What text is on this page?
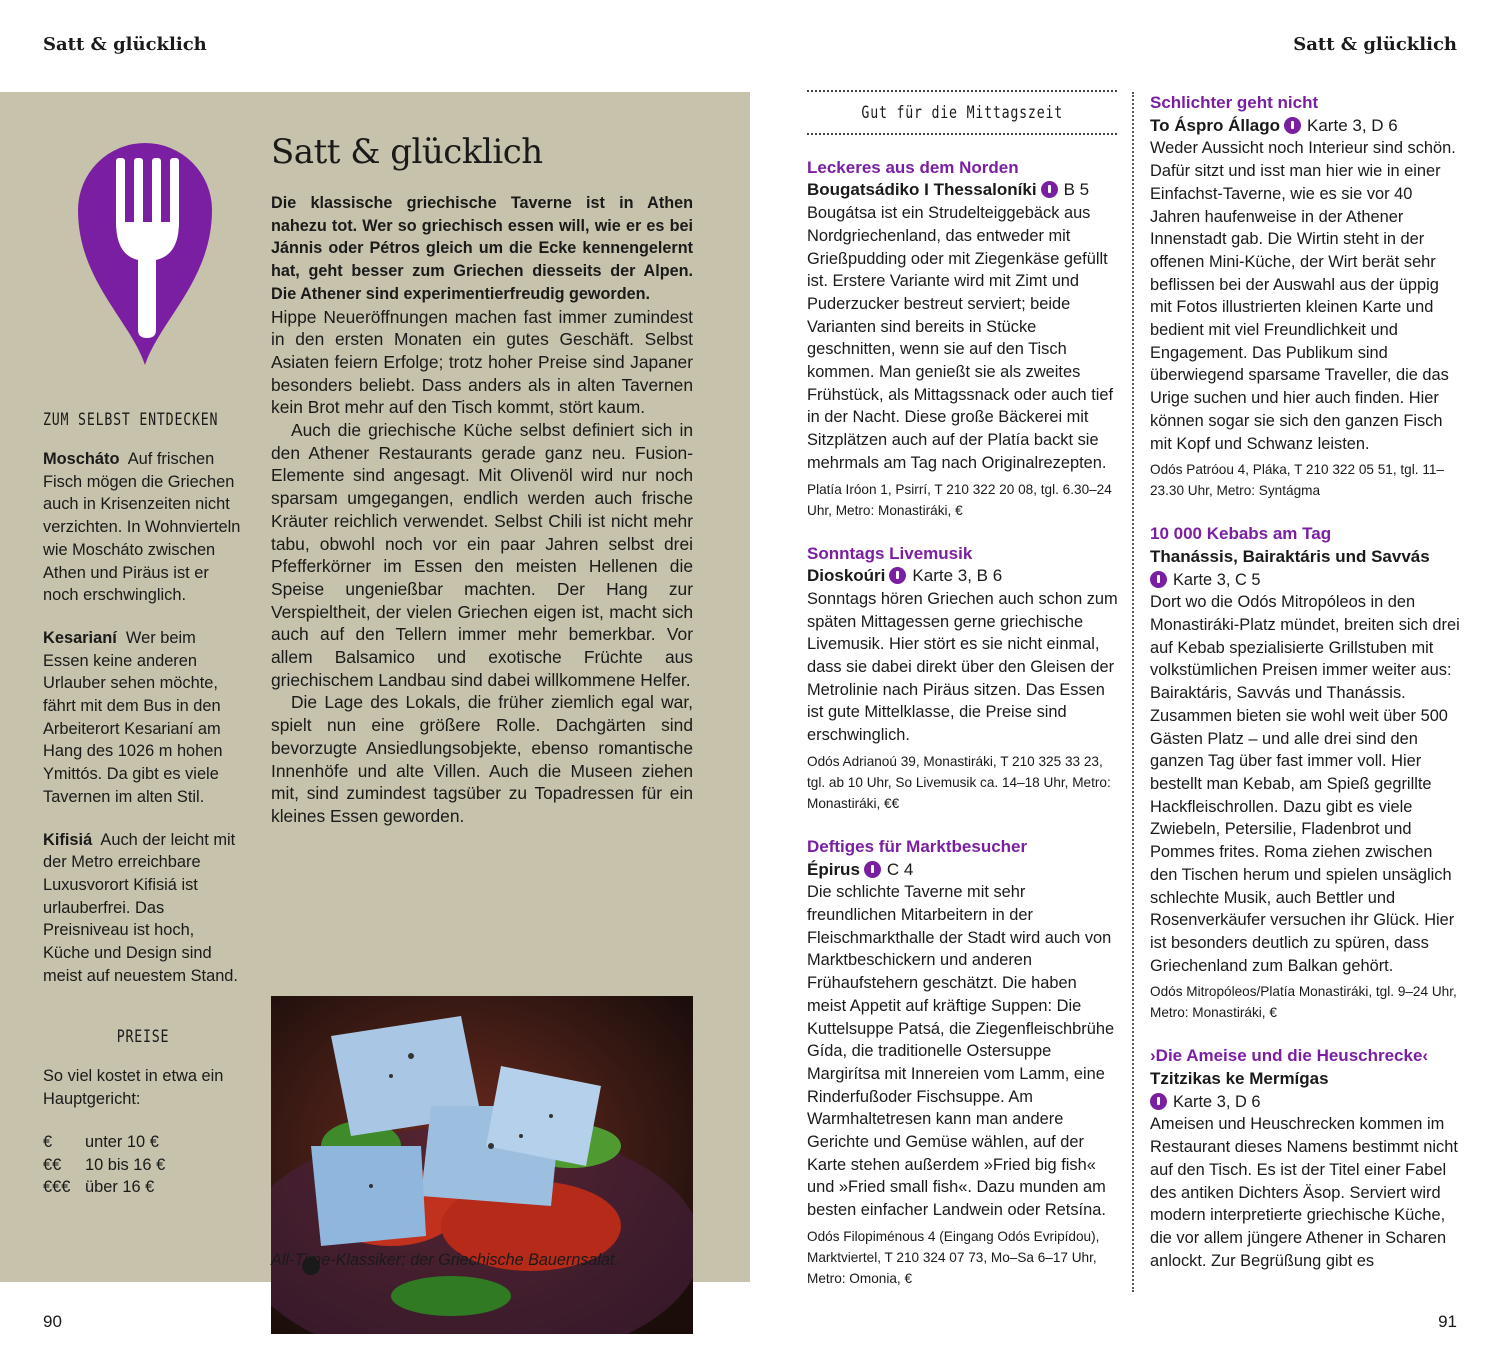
Satt & glücklich	Satt & glücklich
ZUM SELBST ENTDECKEN

Moscháto Auf frischen Fisch mögen die Griechen auch in Krisenzeiten nicht verzichten. In Wohnvierteln wie Moscháto zwischen Athen und Piräus ist er noch erschwinglich.

Kesarianí Wer beim Essen keine anderen Urlauber sehen möchte, fährt mit dem Bus in den Arbeiterort Kesarianí am Hang des 1026 m hohen Ymittós. Da gibt es viele Tavernen im alten Stil.

Kifisiá Auch der leicht mit der Metro erreichbare Luxusvorort Kifisiá ist urlauberfrei. Das Preisniveau ist hoch, Küche und Design sind meist auf neuestem Stand.

PREISE

So viel kostet in etwa ein Hauptgericht:

€	unter 10 €
€€	10 bis 16 €
€€€ über 16 €
Satt & glücklich

Die klassische griechische Taverne ist in Athen nahezu tot. Wer so griechisch essen will, wie er es bei Jánnis oder Pétros gleich um die Ecke kennengelernt hat, geht besser zum Griechen diesseits der Alpen. Die Athener sind experimentierfreudig geworden.

Hippe Neueröffnungen machen fast immer zumindest in den ersten Monaten ein gutes Geschäft. Selbst Asiaten feiern Erfolge; trotz hoher Preise sind Japaner besonders beliebt. Dass anders als in alten Tavernen kein Brot mehr auf den Tisch kommt, stört kaum.

Auch die griechische Küche selbst definiert sich in den Athener Restaurants gerade ganz neu. Fusion-Elemente sind angesagt. Mit Olivenöl wird nur noch sparsam umgegangen, endlich werden auch frische Kräuter reichlich verwendet. Selbst Chili ist nicht mehr tabu, obwohl noch vor ein paar Jahren selbst drei Pfefferkörner im Essen den meisten Hellenen die Speise ungenießbar machten. Der Hang zur Verspieltheit, der vielen Griechen eigen ist, macht sich auch auf den Tellern immer mehr bemerkbar. Vor allem Balsamico und exotische Früchte aus griechischem Landbau sind dabei willkommene Helfer.

Die Lage des Lokals, die früher ziemlich egal war, spielt nun eine größere Rolle. Dachgärten sind bevorzugte Ansiedlungsobjekte, ebenso romantische Innenhöfe und alte Villen. Auch die Museen ziehen mit, sind zumindest tagsüber zu Topadressen für ein kleines Essen geworden.

All-Time-Klassiker: der Griechische Bauernsalat.
90	91
Gut für die Mittagszeit
Leckeres aus dem Norden
Bougatsádiko I Thessaloníki B 5

Bougátsa ist ein Strudelteiggebäck aus Nordgriechenland, das entweder mit Grießpudding oder mit Ziegenkäse gefüllt ist. Erstere Variante wird mit Zimt und Puderzucker bestreut serviert; beide Varianten sind bereits in Stücke geschnitten, wenn sie auf den Tisch kommen. Man genießt sie als zweites Frühstück, als Mittagssnack oder auch tief in der Nacht. Diese große Bäckerei mit Sitzplätzen auch auf der Platía backt sie mehrmals am Tag nach Originalrezepten.

Platía Iróon 1, Psirrí, T 210 322 20 08, tgl. 6.30–24 Uhr, Metro: Monastiráki, €

Sonntags Livemusik
Dioskoúri Karte 3, B 6

Sonntags hören Griechen auch schon zum späten Mittagessen gerne griechische Livemusik. Hier stört es sie nicht einmal, dass sie dabei direkt über den Gleisen der Metrolinie nach Piräus sitzen. Das Essen ist gute Mittelklasse, die Preise sind erschwinglich.

Odós Adrianoú 39, Monastiráki, T 210 325 33 23, tgl. ab 10 Uhr, So Livemusik ca. 14–18 Uhr, Metro: Monastiráki, €€

Deftiges für Marktbesucher
Épirus C 4

Die schlichte Taverne mit sehr freundlichen Mitarbeitern in der Fleischmarkthalle der Stadt wird auch von Marktbeschickern und anderen Frühaufstehern geschätzt. Die haben meist Appetit auf kräftige Suppen: Die Kuttelsuppe Patsá, die Ziegenfleischbrühe Gída, die traditionelle Ostersuppe Margirítsa mit Innereien vom Lamm, eine Rinderfußoder Fischsuppe. Am Warmhaltetresen kann man andere Gerichte und Gemüse wählen, auf der Karte stehen außerdem »Fried big fish« und »Fried small fish«. Dazu munden am besten einfacher Landwein oder Retsína.

Odós Filopiménous 4 (Eingang Odós Evripídou), Marktviertel, T 210 324 07 73, Mo–Sa 6–17 Uhr, Metro: Omonia, €

Schlichter geht nicht
To Áspro Állago Karte 3, D 6

Weder Aussicht noch Interieur sind schön. Dafür sitzt und isst man hier wie in einer Einfachst-Taverne, wie es sie vor 40 Jahren haufenweise in der Athener Innenstadt gab. Die Wirtin steht in der offenen Mini-Küche, der Wirt berät sehr beflissen bei der Auswahl aus der üppig mit Fotos illustrierten kleinen Karte und bedient mit viel Freundlichkeit und Engagement. Das Publikum sind überwiegend sparsame Traveller, die das Urige suchen und hier auch finden. Hier können sogar sie sich den ganzen Fisch mit Kopf und Schwanz leisten.

Odós Patróou 4, Pláka, T 210 322 05 51, tgl. 11–23.30 Uhr, Metro: Syntágma

10 000 Kebabs am Tag
Thanássis, Bairaktáris und Savvás
Karte 3, C 5

Dort wo die Odós Mitropóleos in den Monastiráki-Platz mündet, breiten sich drei auf Kebab spezialisierte Grillstuben mit volkstümlichen Preisen immer weiter aus: Bairaktáris, Savvás und Thanássis. Zusammen bieten sie wohl weit über 500 Gästen Platz – und alle drei sind den ganzen Tag über fast immer voll. Hier bestellt man Kebab, am Spieß gegrillte Hackfleischrollen. Dazu gibt es viele Zwiebeln, Petersilie, Fladenbrot und Pommes frites. Roma ziehen zwischen den Tischen herum und spielen unsäglich schlechte Musik, auch Bettler und Rosenverkäufer versuchen ihr Glück. Hier ist besonders deutlich zu spüren, dass Griechenland zum Balkan gehört.

Odós Mitropóleos/Platía Monastiráki, tgl. 9–24 Uhr, Metro: Monastiráki, €

›Die Ameise und die Heuschrecke‹
Tzitzikas ke Mermígas
Karte 3, D 6

Ameisen und Heuschrecken kommen im Restaurant dieses Namens bestimmt nicht auf den Tisch. Es ist der Titel einer Fabel des antiken Dichters Äsop. Serviert wird modern interpretierte griechische Küche, die vor allem jüngere Athener in Scharen anlockt. Zur Begrüßung gibt es
